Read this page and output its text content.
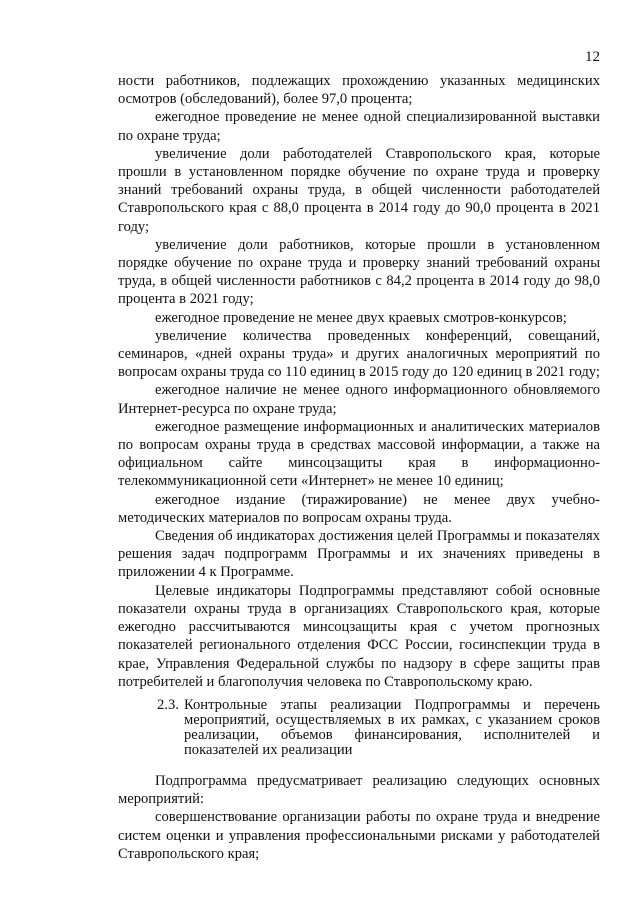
12

ности работников, подлежащих прохождению указанных медицинских осмотров (обследований), более 97,0 процента;

ежегодное проведение не менее одной специализированной выставки по охране труда;

увеличение доли работодателей Ставропольского края, которые прошли в установленном порядке обучение по охране труда и проверку знаний требований охраны труда, в общей численности работодателей Ставропольского края с 88,0 процента в 2014 году до 90,0 процента в 2021 году;

увеличение доли работников, которые прошли в установленном порядке обучение по охране труда и проверку знаний требований охраны труда, в общей численности работников с 84,2 процента в 2014 году до 98,0 процента в 2021 году;

ежегодное проведение не менее двух краевых смотров-конкурсов;

увеличение количества проведенных конференций, совещаний, семинаров, «дней охраны труда» и других аналогичных мероприятий по вопросам охраны труда со 110 единиц в 2015 году до 120 единиц в 2021 году;

ежегодное наличие не менее одного информационного обновляемого Интернет-ресурса по охране труда;

ежегодное размещение информационных и аналитических материалов по вопросам охраны труда в средствах массовой информации, а также на официальном сайте минсоцзащиты края в информационно-телекоммуникационной сети «Интернет» не менее 10 единиц;

ежегодное издание (тиражирование) не менее двух учебно-методических материалов по вопросам охраны труда.

Сведения об индикаторах достижения целей Программы и показателях решения задач подпрограмм Программы и их значениях приведены в приложении 4 к Программе.

Целевые индикаторы Подпрограммы представляют собой основные показатели охраны труда в организациях Ставропольского края, которые ежегодно рассчитываются минсоцзащиты края с учетом прогнозных показателей регионального отделения ФСС России, госинспекции труда в крае, Управления Федеральной службы по надзору в сфере защиты прав потребителей и благополучия человека по Ставропольскому краю.

2.3. Контрольные этапы реализации Подпрограммы и перечень мероприятий, осуществляемых в их рамках, с указанием сроков реализации, объемов финансирования, исполнителей и показателей их реализации

Подпрограмма предусматривает реализацию следующих основных мероприятий:

совершенствование организации работы по охране труда и внедрение систем оценки и управления профессиональными рисками у работодателей Ставропольского края;
